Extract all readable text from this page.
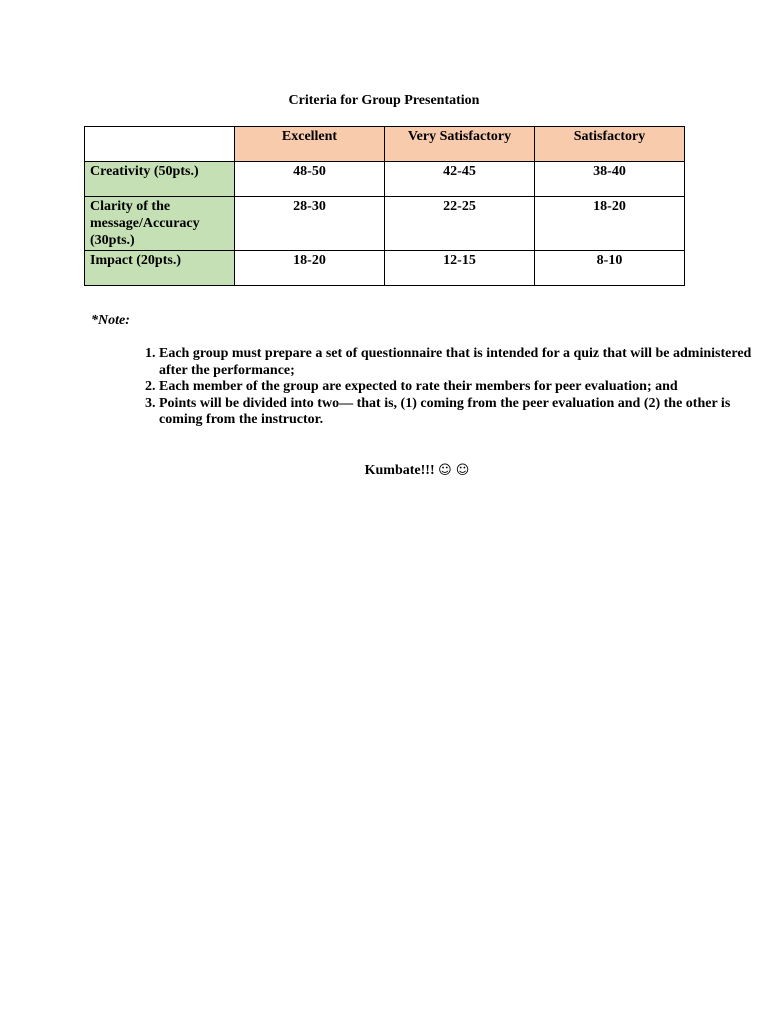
Criteria for Group Presentation
	Excellent	Very Satisfactory	Satisfactory
Creativity (50pts.)	48-50	42-45	38-40
Clarity of the message/Accuracy (30pts.)	28-30	22-25	18-20
Impact (20pts.)	18-20	12-15	8-10
*Note:
1. Each group must prepare a set of questionnaire that is intended for a quiz that will be administered after the performance;
2. Each member of the group are expected to rate their members for peer evaluation; and
3. Points will be divided into two— that is, (1) coming from the peer evaluation and (2) the other is coming from the instructor.
Kumbate!!! ☺ ☺
